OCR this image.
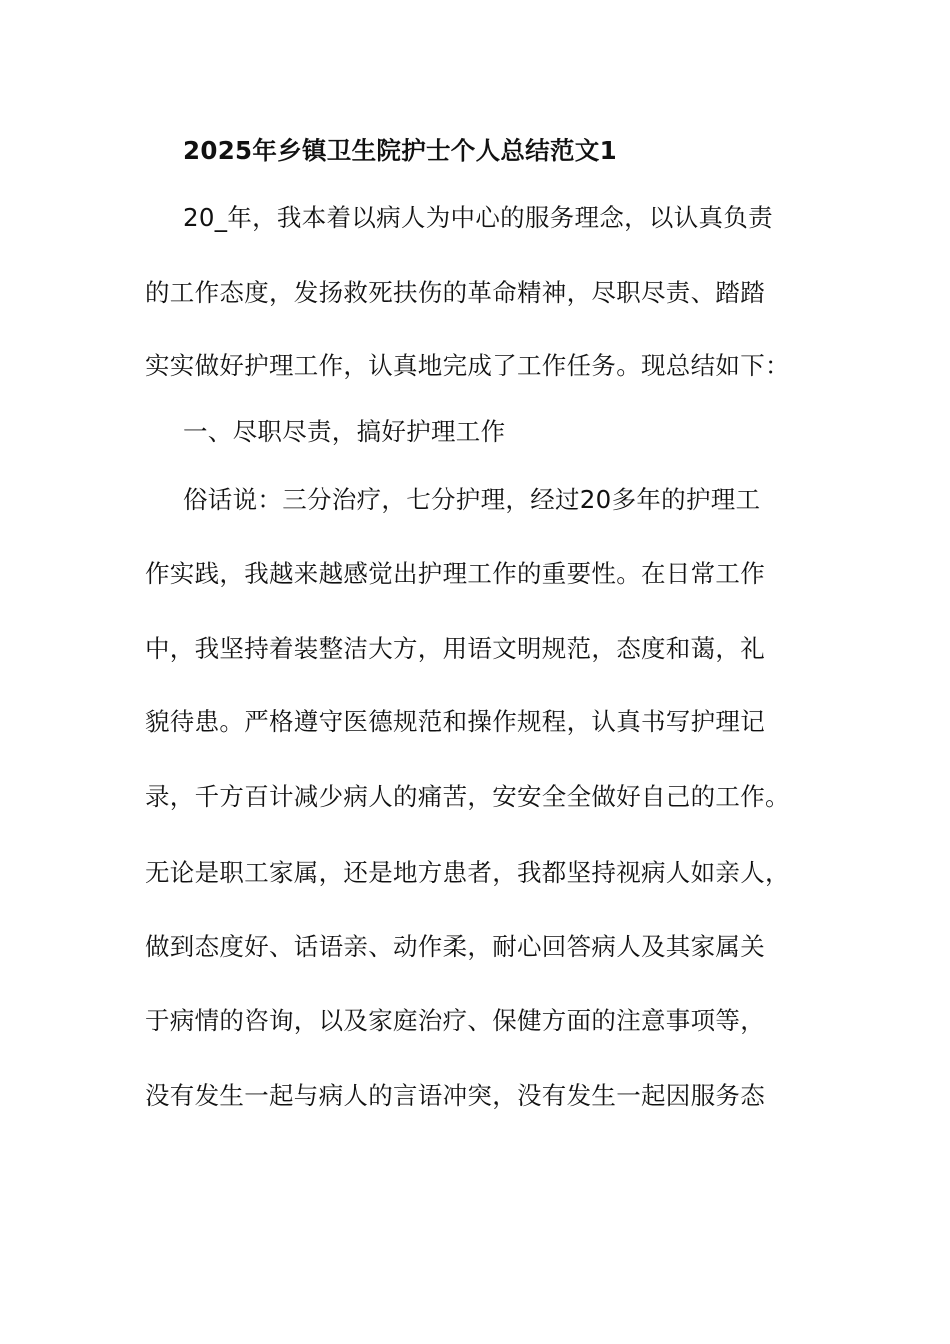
2025年乡镇卫生院护士个人总结范文1
20_年，我本着以病人为中心的服务理念，以认真负责
的工作态度，发扬救死扶伤的革命精神，尽职尽责、踏踏
实实做好护理工作，认真地完成了工作任务。现总结如下：
一、尽职尽责，搞好护理工作
俗话说：三分治疗，七分护理，经过20多年的护理工
作实践，我越来越感觉出护理工作的重要性。在日常工作
中，我坚持着装整洁大方，用语文明规范，态度和蔼，礼
貌待患。严格遵守医德规范和操作规程，认真书写护理记
录，千方百计减少病人的痛苦，安安全全做好自己的工作。
无论是职工家属，还是地方患者，我都坚持视病人如亲人，
做到态度好、话语亲、动作柔，耐心回答病人及其家属关
于病情的咨询，以及家庭治疗、保健方面的注意事项等，
没有发生一起与病人的言语冲突，没有发生一起因服务态
